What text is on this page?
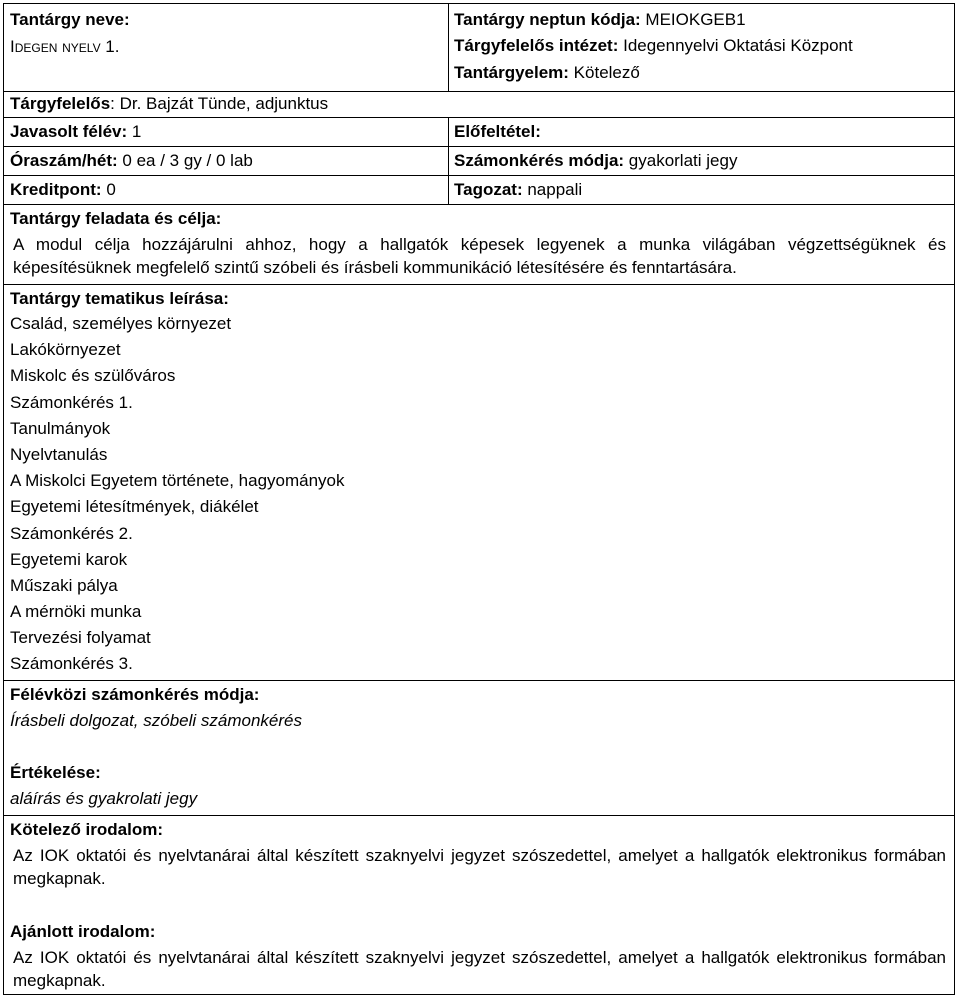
Tantárgy neve:
Idegen nyelv 1.
Tantárgy neptun kódja: MEIOKGEB1
Tárgyfelelős intézet: Idegennyelvi Oktatási Központ
Tantárgyelem: Kötelező
Tárgyfelelős: Dr. Bajzát Tünde, adjunktus
Javasolt félév: 1	Előfeltétel:
Óraszám/hét: 0 ea / 3 gy / 0 lab	Számonkérés módja: gyakorlati jegy
Kreditpont: 0	Tagozat: nappali
Tantárgy feladata és célja:
A modul célja hozzájárulni ahhoz, hogy a hallgatók képesek legyenek a munka világában végzettségüknek és képesítésüknek megfelelő szintű szóbeli és írásbeli kommunikáció létesítésére és fenntartására.
Tantárgy tematikus leírása:
Család, személyes környezet
Lakókörnyezet
Miskolc és szülőváros
Számonkérés 1.
Tanulmányok
Nyelvtanulás
A Miskolci Egyetem története, hagyományok
Egyetemi létesítmények, diákélet
Számonkérés 2.
Egyetemi karok
Műszaki pálya
A mérnöki munka
Tervezési folyamat
Számonkérés 3.
Félévközi számonkérés módja:
Írásbeli dolgozat, szóbeli számonkérés
Értékelése:
aláírás és gyakrolati jegy
Kötelező irodalom:
Az IOK oktatói és nyelvtanárai által készített szaknyelvi jegyzet szószedettel, amelyet a hallgatók elektronikus formában megkapnak.
Ajánlott irodalom:
Az IOK oktatói és nyelvtanárai által készített szaknyelvi jegyzet szószedettel, amelyet a hallgatók elektronikus formában megkapnak.
